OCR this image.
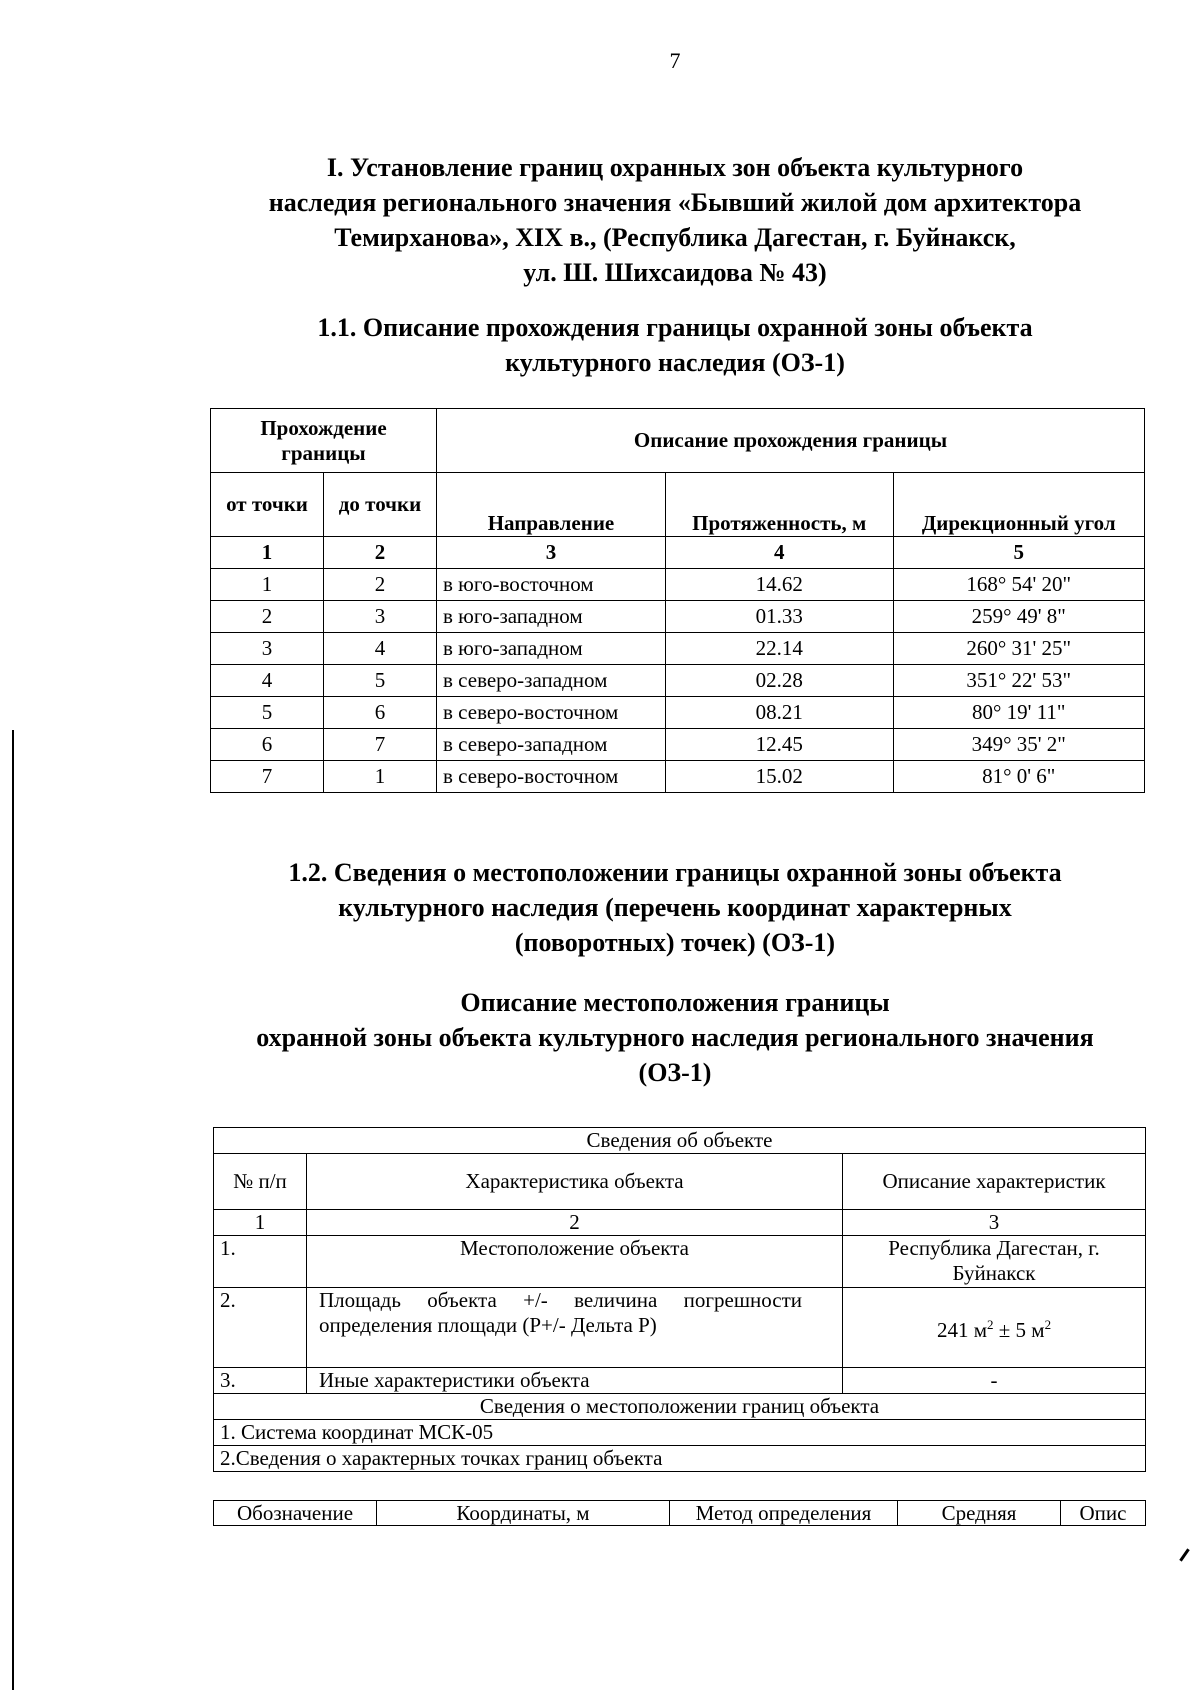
7
I. Установление границ охранных зон объекта культурного
наследия регионального значения «Бывший жилой дом архитектора
Темирханова», XIX в., (Республика Дагестан, г. Буйнакск,
ул. Ш. Шихсаидова № 43)
1.1. Описание прохождения границы охранной зоны объекта
культурного наследия (ОЗ-1)
Прохождение границы		Описание прохождения границы		

от точки	до точки	Направление	Протяженность, м	Дирекционный угол
1	2	3	4	5
1	2	в юго-восточном	14.62	168° 54' 20"
2	3	в юго-западном	01.33	259° 49' 8"
3	4	в юго-западном	22.14	260° 31' 25"
4	5	в северо-западном	02.28	351° 22' 53"
5	6	в северо-восточном	08.21	80° 19' 11"
6	7	в северо-западном	12.45	349° 35' 2"
7	1	в северо-восточном	15.02	81° 0' 6"
1.2. Сведения о местоположении границы охранной зоны объекта
культурного наследия (перечень координат характерных
(поворотных) точек) (ОЗ-1)
Описание местоположения границы
охранной зоны объекта культурного наследия регионального значения
(ОЗ-1)
Сведения об объекте		
№ п/п	Характеристика объекта	Описание характеристик
1	2	3
1.	Местоположение объекта	Республика Дагестан, г. Буйнакск
2.	Площадь объекта +/- величина погрешности определения площади (Р+/- Дельта Р)	241 $м^2 \pm 5$ $м^2$
3.	Иные характеристики объекта	-
Сведения о местоположении границ объекта		
1. Система координат МСК-05		
2.Сведения о характерных точках границ объекта		
Обозначение	Координаты, м	Метод определения	Средняя	Опис
